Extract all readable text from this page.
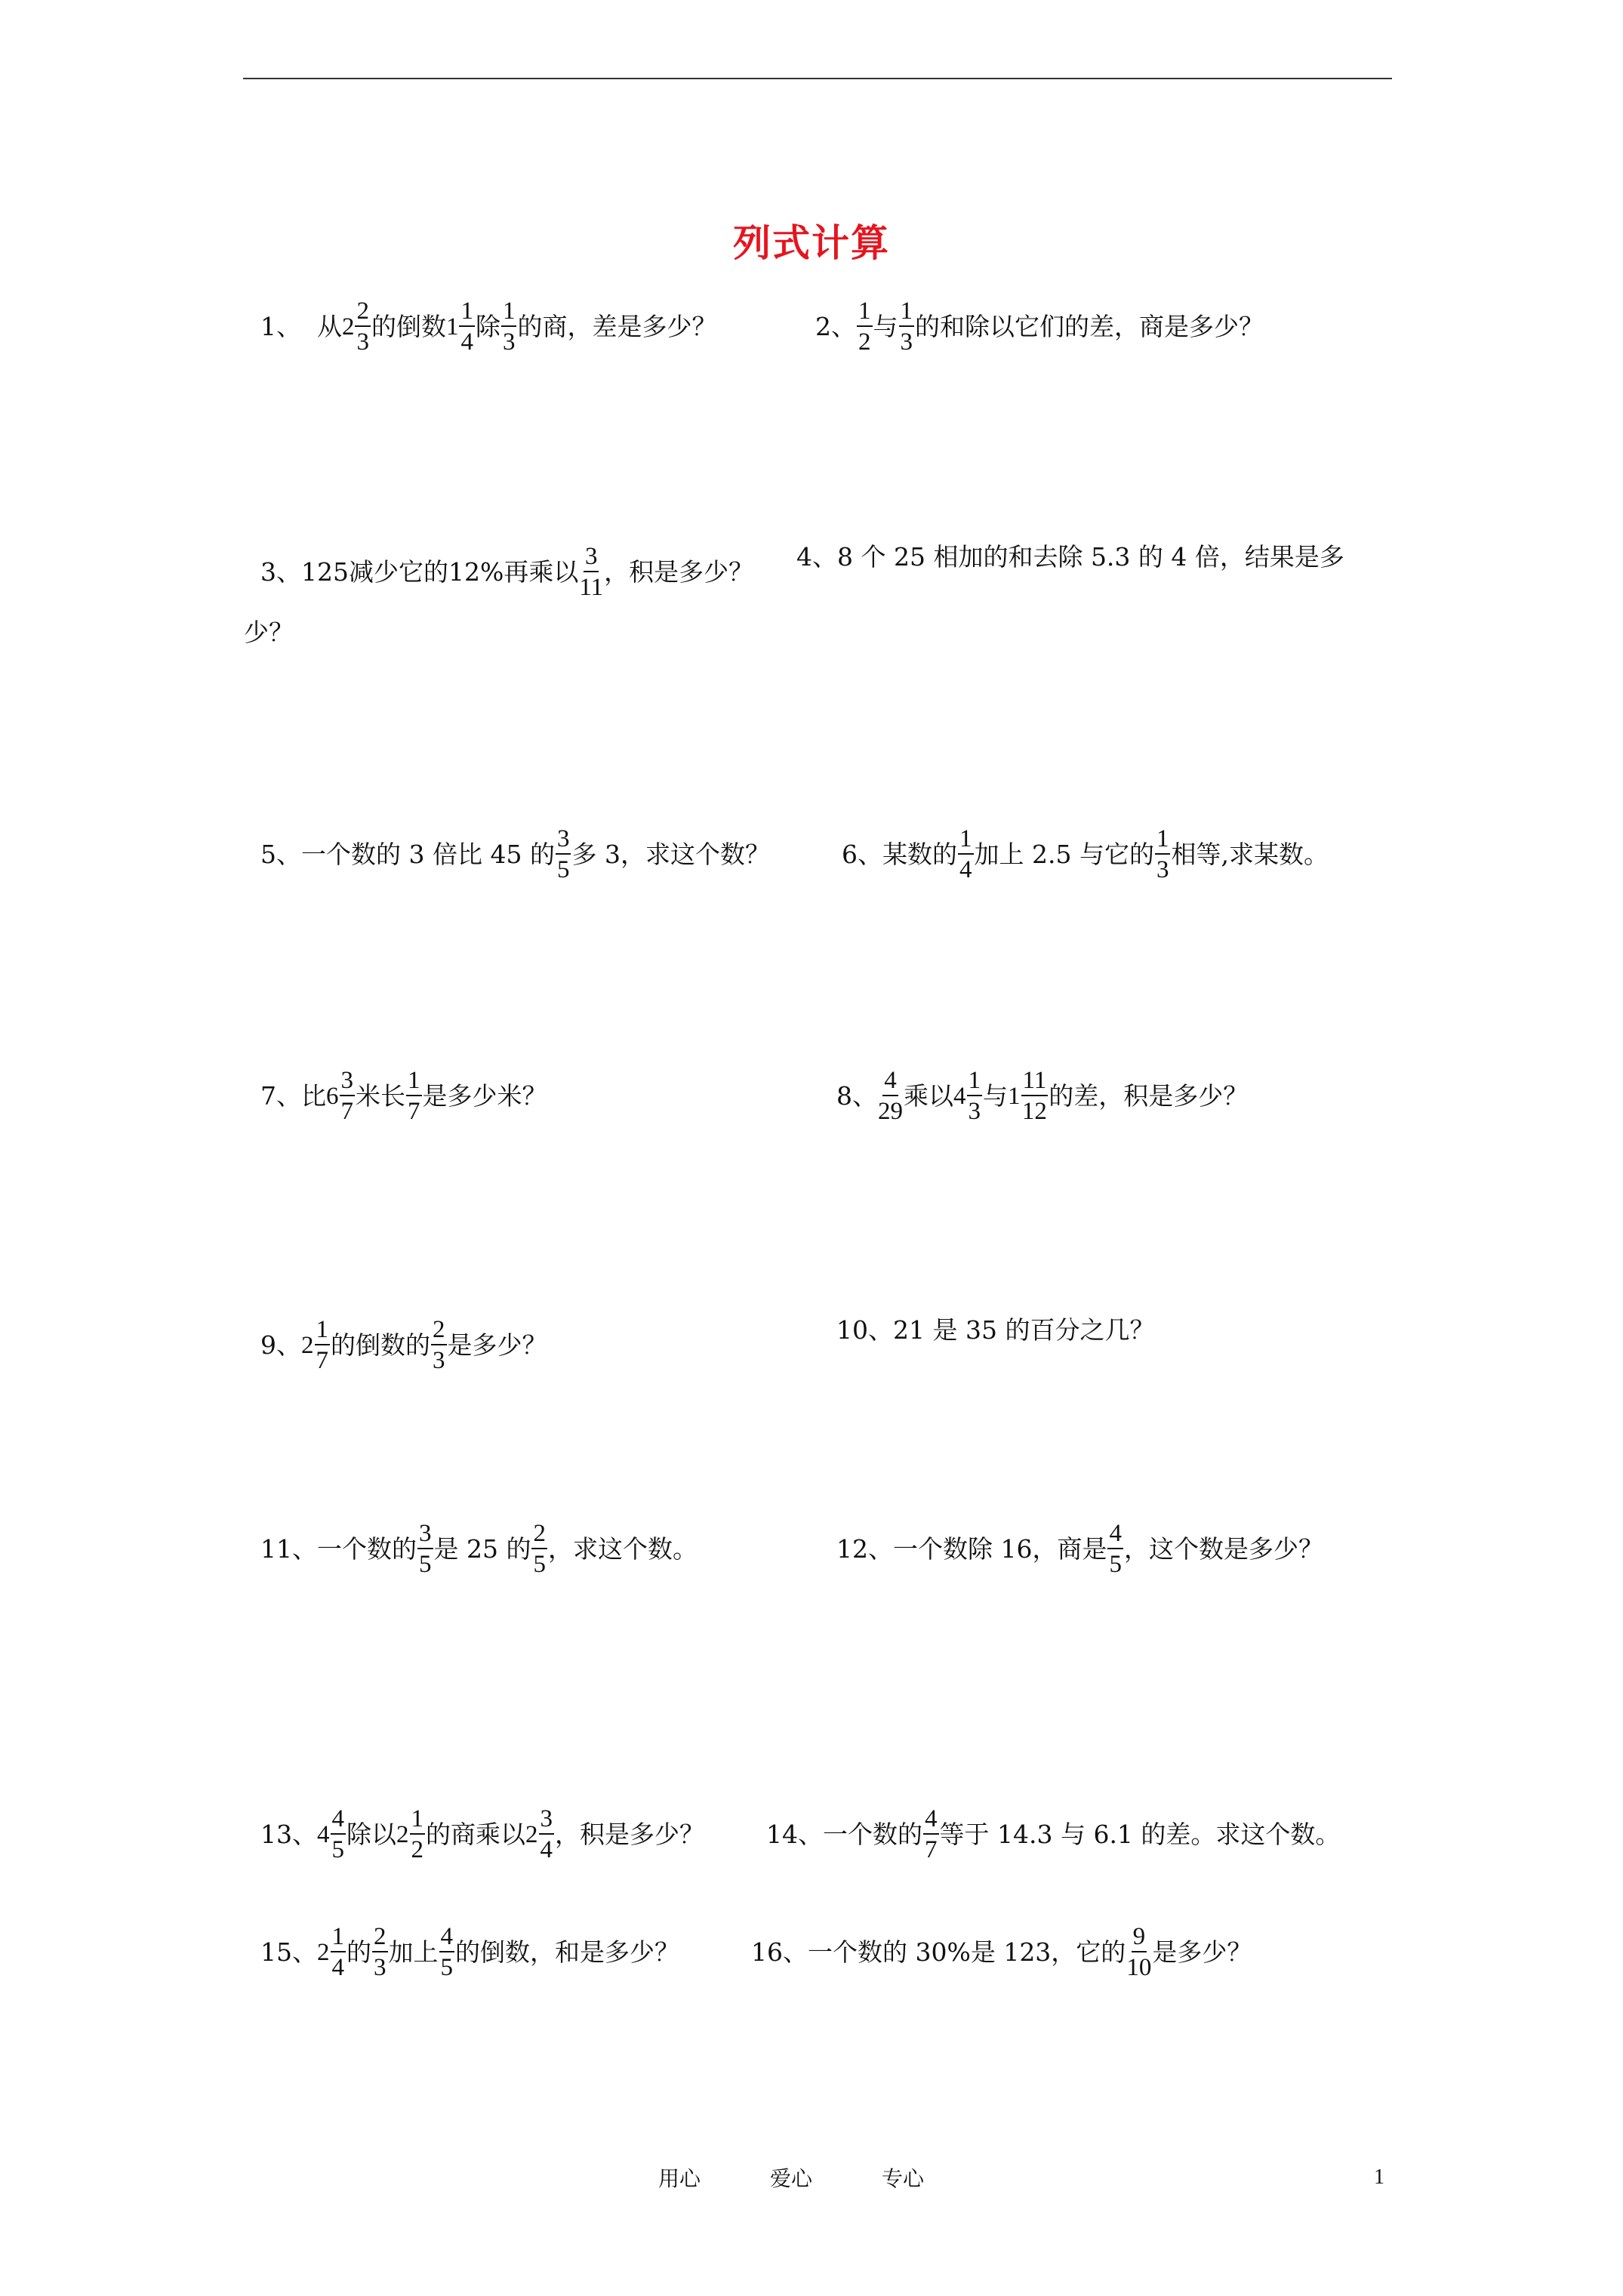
列式计算
1、  从 $2 \frac{2}{3}$ 的倒数 $1 \frac{1}{4}$ 除 $\frac{1}{3}$ 的商，差是多少？	2、 $\frac{1}{2}$ 与 $\frac{1}{3}$ 的和除以它们的差，商是多少？
3、125减少它的12%再乘以 $\frac{3}{11}$ ，积是多少？
4、8 个 25 相加的和去除 5.3 的 4 倍，结果是多
少？
5、一个数的 3 倍比 45 的 $\frac{3}{5}$ 多 3，求这个数？	6、某数的 $\frac{1}{4}$ 加上 2.5 与它的 $\frac{1}{3}$ 相等,求某数。
7、比 $6 \frac{3}{7}$ 米长 $\frac{1}{7}$ 是多少米？	8、 $\frac{4}{29}$ 乘以 $4 \frac{1}{3}$ 与 $1 \frac{11}{12}$ 的差，积是多少？
9、 $2 \frac{1}{7}$ 的倒数的 $\frac{2}{3}$ 是多少？
10、21 是 35 的百分之几？
11、一个数的 $\frac{3}{5}$ 是 25 的 $\frac{2}{5}$ ，求这个数。	12、一个数除 16，商是 $\frac{4}{5}$ ，这个数是多少？
13、 $4 \frac{4}{5}$ 除以 $2 \frac{1}{2}$ 的商乘以 $2 \frac{3}{4}$ ，积是多少？ 14、一个数的 $\frac{4}{7}$ 等于 14.3 与 6.1 的差。求这个数。
15、 $2 \frac{1}{4}$ 的 $\frac{2}{3}$ 加上 $\frac{4}{5}$ 的倒数，和是多少？	16、一个数的 30%是 123，它的 $\frac{9}{10}$ 是多少？
用心	爱心	专心	1
